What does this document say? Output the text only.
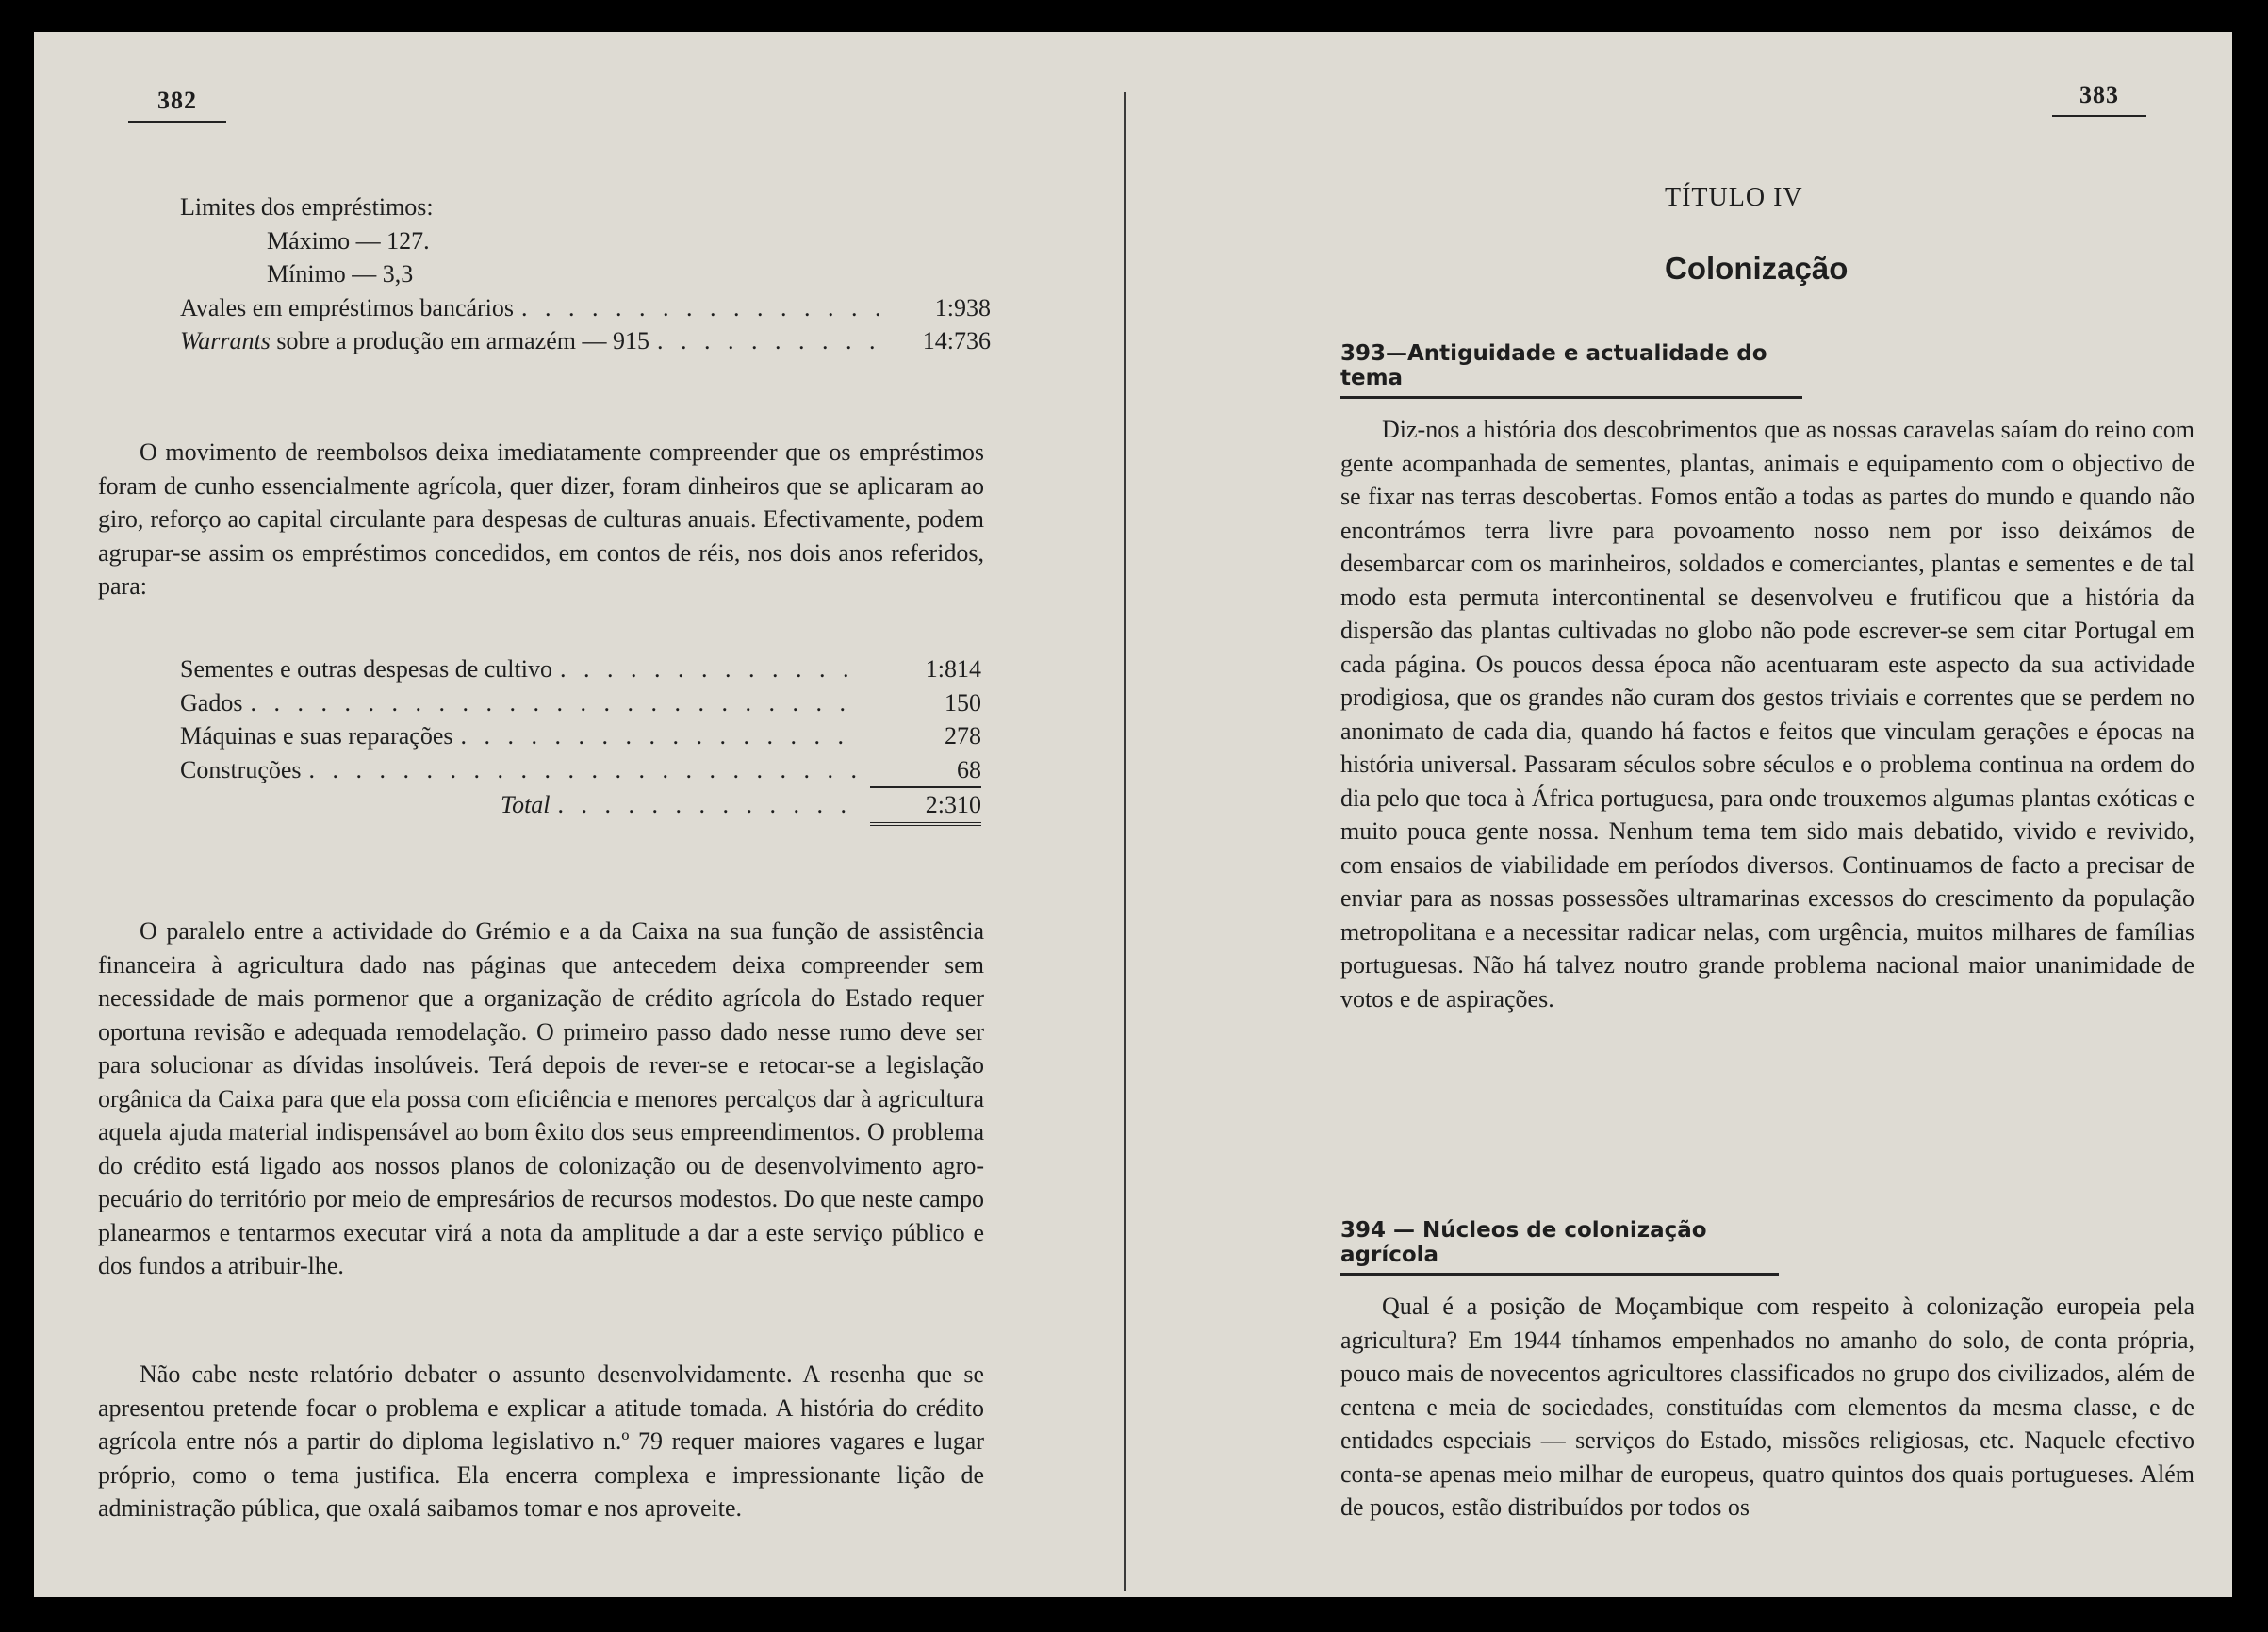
382
Limites dos empréstimos:
Máximo — 127.
Mínimo — 3,3
Avales em empréstimos bancários . . .	1:938
Warrants sobre a produção em armazém — 915 . . .	14:736

O movimento de reembolsos deixa imediatamente compreender que os empréstimos foram de cunho essencialmente agrícola, quer dizer, foram dinheiros que se aplicaram ao giro, reforço ao capital circulante para despesas de culturas anuais. Efectivamente, podem agrupar-se assim os empréstimos concedidos, em contos de réis, nos dois anos referidos, para:

Sementes e outras despesas de cultivo . . .	1:814
Gados . . .	150
Máquinas e suas reparações . . .	278
Construções . . .	68
Total . . .	2:310

O paralelo entre a actividade do Grémio e a da Caixa na sua função de assistência financeira à agricultura dado nas páginas que antecedem deixa compreender sem necessidade de mais pormenor que a organização de crédito agrícola do Estado requer oportuna revisão e adequada remodelação. O primeiro passo dado nesse rumo deve ser para solucionar as dívidas insolúveis. Terá depois de rever-se e retocar-se a legislação orgânica da Caixa para que ela possa com eficiência e menores percalços dar à agricultura aquela ajuda material indispensável ao bom êxito dos seus empreendimentos. O problema do crédito está ligado aos nossos planos de colonização ou de desenvolvimento agro-pecuário do território por meio de empresários de recursos modestos. Do que neste campo planearmos e tentarmos executar virá a nota da amplitude a dar a este serviço público e dos fundos a atribuir-lhe.

Não cabe neste relatório debater o assunto desenvolvidamente. A resenha que se apresentou pretende focar o problema e explicar a atitude tomada. A história do crédito agrícola entre nós a partir do diploma legislativo n.º 79 requer maiores vagares e lugar próprio, como o tema justifica. Ela encerra complexa e impressionante lição de administração pública, que oxalá saibamos tomar e nos aproveite.

383
TÍTULO IV
Colonização
393—Antiguidade e actualidade do tema

Diz-nos a história dos descobrimentos que as nossas caravelas saíam do reino com gente acompanhada de sementes, plantas, animais e equipamento com o objectivo de se fixar nas terras descobertas. Fomos então a todas as partes do mundo e quando não encontrámos terra livre para povoamento nosso nem por isso deixámos de desembarcar com os marinheiros, soldados e comerciantes, plantas e sementes e de tal modo esta permuta intercontinental se desenvolveu e frutificou que a história da dispersão das plantas cultivadas no globo não pode escrever-se sem citar Portugal em cada página. Os poucos dessa época não acentuaram este aspecto da sua actividade prodigiosa, que os grandes não curam dos gestos triviais e correntes que se perdem no anonimato de cada dia, quando há factos e feitos que vinculam gerações e épocas na história universal. Passaram séculos sobre séculos e o problema continua na ordem do dia pelo que toca à África portuguesa, para onde trouxemos algumas plantas exóticas e muito pouca gente nossa. Nenhum tema tem sido mais debatido, vivido e revivido, com ensaios de viabilidade em períodos diversos. Continuamos de facto a precisar de enviar para as nossas possessões ultramarinas excessos do crescimento da população metropolitana e a necessitar radicar nelas, com urgência, muitos milhares de famílias portuguesas. Não há talvez noutro grande problema nacional maior unanimidade de votos e de aspirações.

394 — Núcleos de colonização agrícola

Qual é a posição de Moçambique com respeito à colonização europeia pela agricultura? Em 1944 tínhamos empenhados no amanho do solo, de conta própria, pouco mais de novecentos agricultores classificados no grupo dos civilizados, além de centena e meia de sociedades, constituídas com elementos da mesma classe, e de entidades especiais — serviços do Estado, missões religiosas, etc. Naquele efectivo conta-se apenas meio milhar de europeus, quatro quintos dos quais portugueses. Além de poucos, estão distribuídos por todos os
